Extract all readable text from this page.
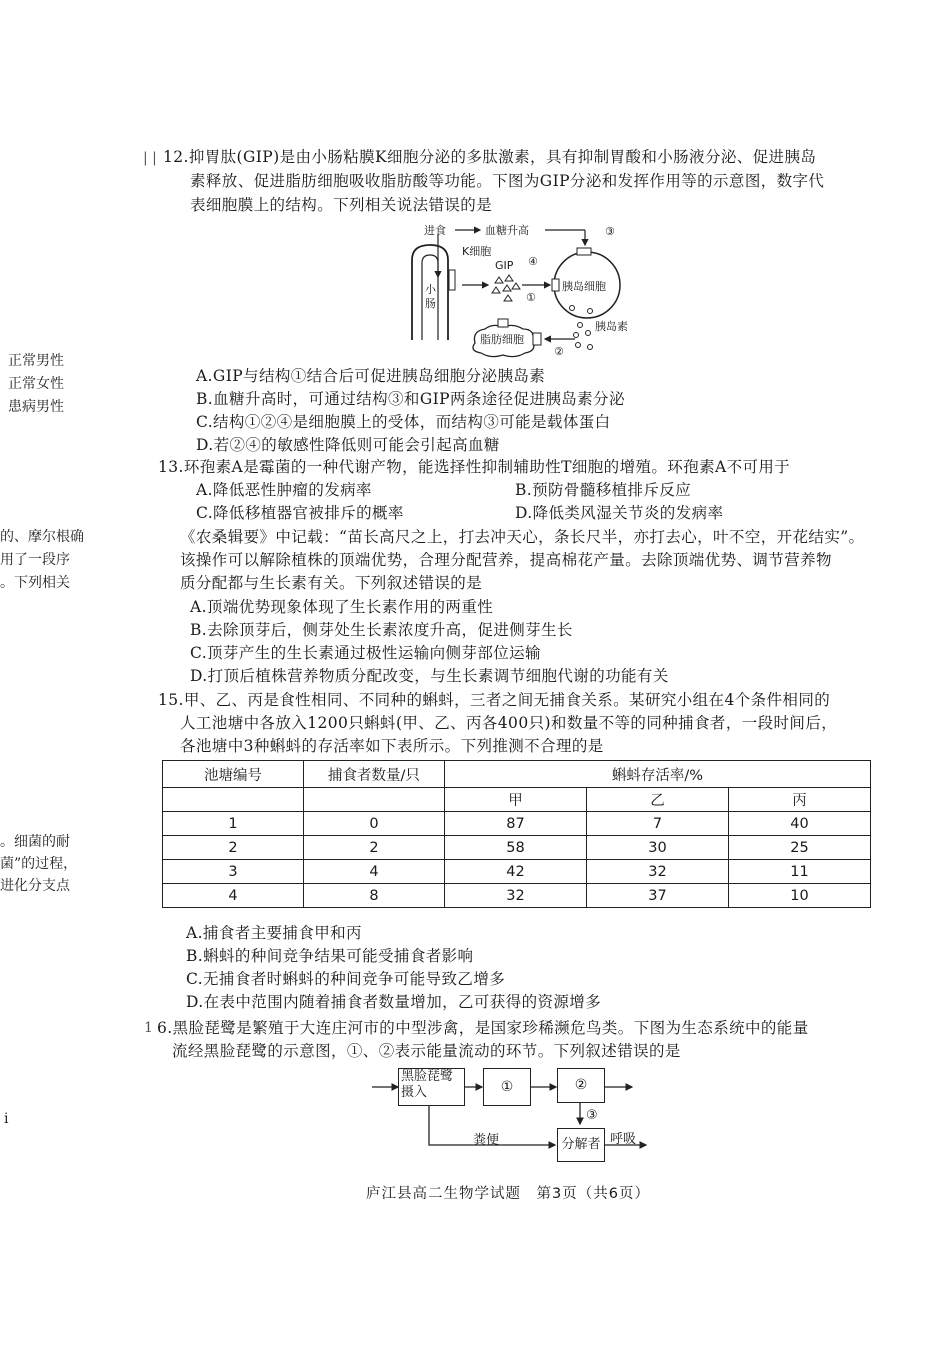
正常男性
正常女性
患病男性
的、摩尔根确
用了一段序
。下列相关
。细菌的耐
菌”的过程，
进化分支点
i
| | 12.抑胃肽(GIP)是由小肠粘膜K细胞分泌的多肽激素，具有抑制胃酸和小肠液分泌、促进胰岛
素释放、促进脂肪细胞吸收脂肪酸等功能。下图为GIP分泌和发挥作用等的示意图，数字代
表细胞膜上的结构。下列相关说法错误的是
进食	血糖升高
K细胞
GIP
小肠
胰岛细胞
脂肪细胞
胰岛素
③
④
①
②
A.GIP与结构①结合后可促进胰岛细胞分泌胰岛素
B.血糖升高时，可通过结构③和GIP两条途径促进胰岛素分泌
C.结构①②④是细胞膜上的受体，而结构③可能是载体蛋白
D.若②④的敏感性降低则可能会引起高血糖
13.环孢素A是霉菌的一种代谢产物，能选择性抑制辅助性T细胞的增殖。环孢素A不可用于
A.降低恶性肿瘤的发病率	B.预防骨髓移植排斥反应
C.降低移植器官被排斥的概率	D.降低类风湿关节炎的发病率
《农桑辑要》中记载：“苗长高尺之上，打去冲天心，条长尺半，亦打去心，叶不空，开花结实”。
该操作可以解除植株的顶端优势，合理分配营养，提高棉花产量。去除顶端优势、调节营养物
质分配都与生长素有关。下列叙述错误的是
A.顶端优势现象体现了生长素作用的两重性
B.去除顶芽后，侧芽处生长素浓度升高，促进侧芽生长
C.顶芽产生的生长素通过极性运输向侧芽部位运输
D.打顶后植株营养物质分配改变，与生长素调节细胞代谢的功能有关
15.甲、乙、丙是食性相同、不同种的蝌蚪，三者之间无捕食关系。某研究小组在4个条件相同的
人工池塘中各放入1200只蝌蚪(甲、乙、丙各400只)和数量不等的同种捕食者，一段时间后，
各池塘中3种蝌蚪的存活率如下表所示。下列推测不合理的是
池塘编号	捕食者数量/只	蝌蚪存活率/%		
		甲	乙	丙
1	0	87	7	40
2	2	58	30	25
3	4	42	32	11
4	8	32	37	10
A.捕食者主要捕食甲和丙
B.蝌蚪的种间竞争结果可能受捕食者影响
C.无捕食者时蝌蚪的种间竞争可能导致乙增多
D.在表中范围内随着捕食者数量增加，乙可获得的资源增多
1 6.黑脸琵鹭是繁殖于大连庄河市的中型涉禽，是国家珍稀濒危鸟类。下图为生态系统中的能量
流经黑脸琵鹭的示意图，①、②表示能量流动的环节。下列叙述错误的是
黑脸琵鹭
摄入	①	②
③
粪便	分解者 呼吸
庐江县高二生物学试题　第3页（共6页）
